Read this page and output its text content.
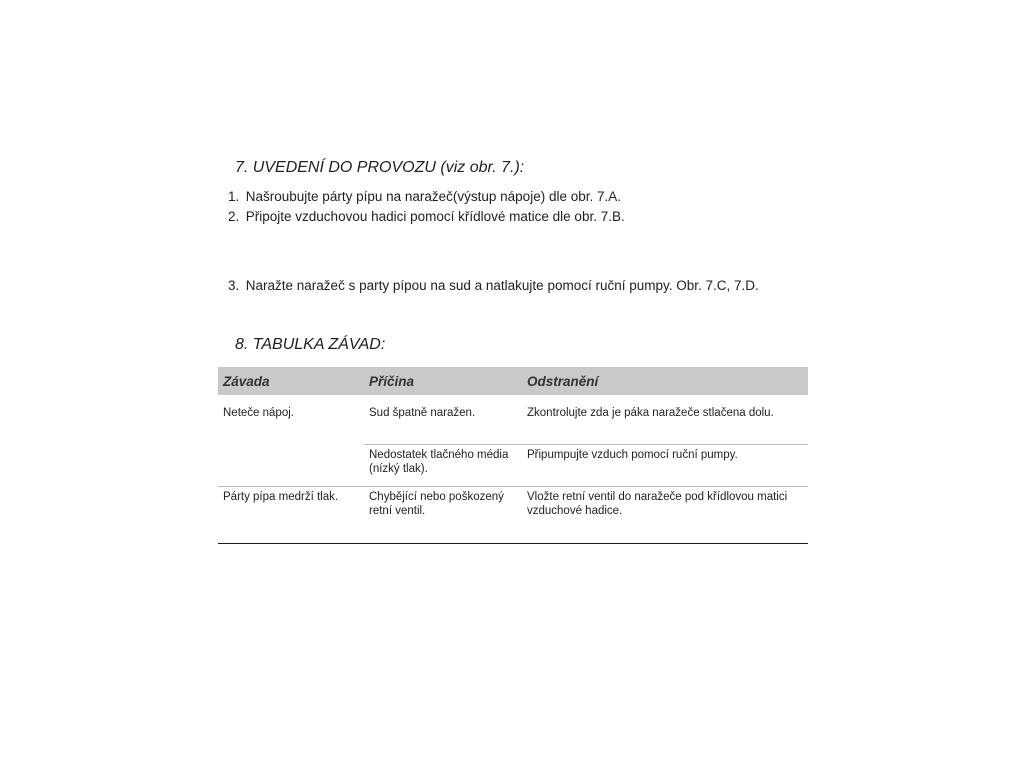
7. UVEDENÍ DO PROVOZU (viz obr. 7.):
1. Našroubujte párty pípu na naražeč(výstup nápoje) dle obr. 7.A.
2. Připojte vzduchovou hadici pomocí křídlové matice dle obr. 7.B.
3. Naražte naražeč s party pípou na sud a natlakujte pomocí ruční pumpy. Obr. 7.C, 7.D.
8. TABULKA ZÁVAD:
Závada	Příčina	Odstranění

Neteče nápoj.	Sud špatně naražen.	Zkontrolujte zda je páka naražeče stlačena dolu.
	Nedostatek tlačného média (nízký tlak).	Připumpujte vzduch pomocí ruční pumpy.
Párty pípa medrží tlak.	Chybějící nebo poškozený retní ventil.	Vložte retní ventil do naražeče pod křídlovou matici vzduchové hadice.
